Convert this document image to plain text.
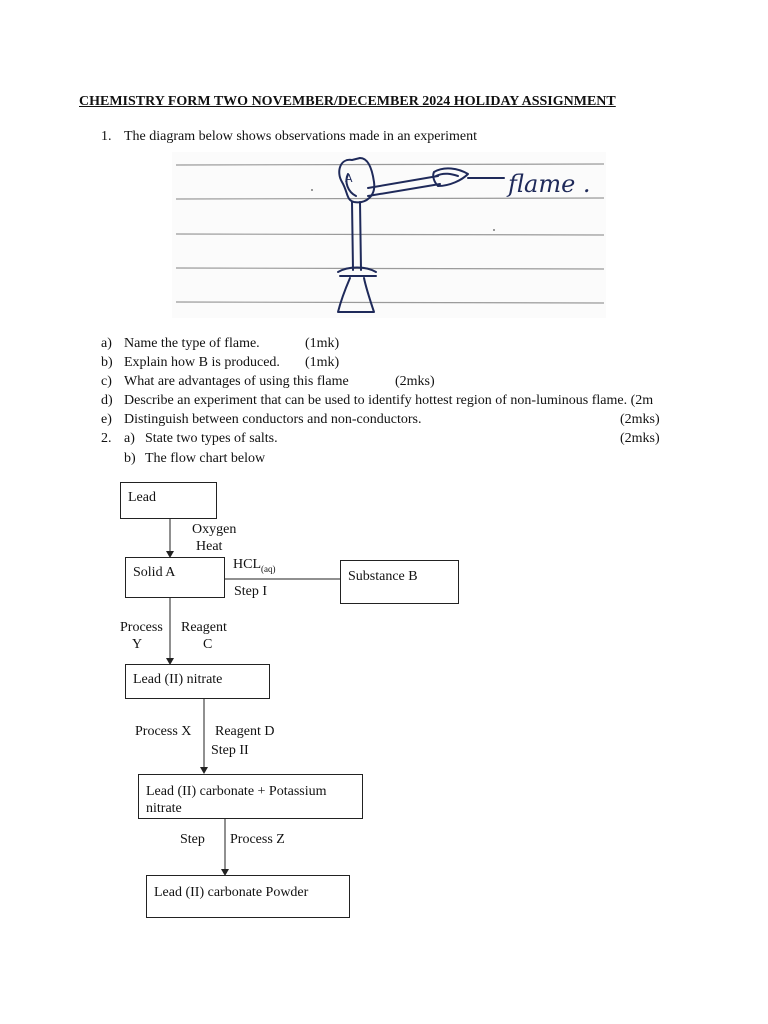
CHEMISTRY FORM TWO NOVEMBER/DECEMBER 2024 HOLIDAY ASSIGNMENT
1. The diagram below shows observations made in an experiment
A	flame .
a) Name the type of flame.	(1mk)
b) Explain how B is produced. (1mk)
c) What are advantages of using this flame	(2mks)
d) Describe an experiment that can be used to identify hottest region of non-luminous flame. (2m
e) Distinguish between conductors and non-conductors.	(2mks)
2. a) State two types of salts.	(2mks)
b) The flow chart below
Lead
Oxygen
Heat
Solid A
$HCL_{(aq)}$
Step I
Substance B
Process
Y
Reagent
C
Lead (II) nitrate
Process X Reagent D
Step II
Lead (II) carbonate + Potassium
nitrate
Step Process Z
Lead (II) carbonate Powder
